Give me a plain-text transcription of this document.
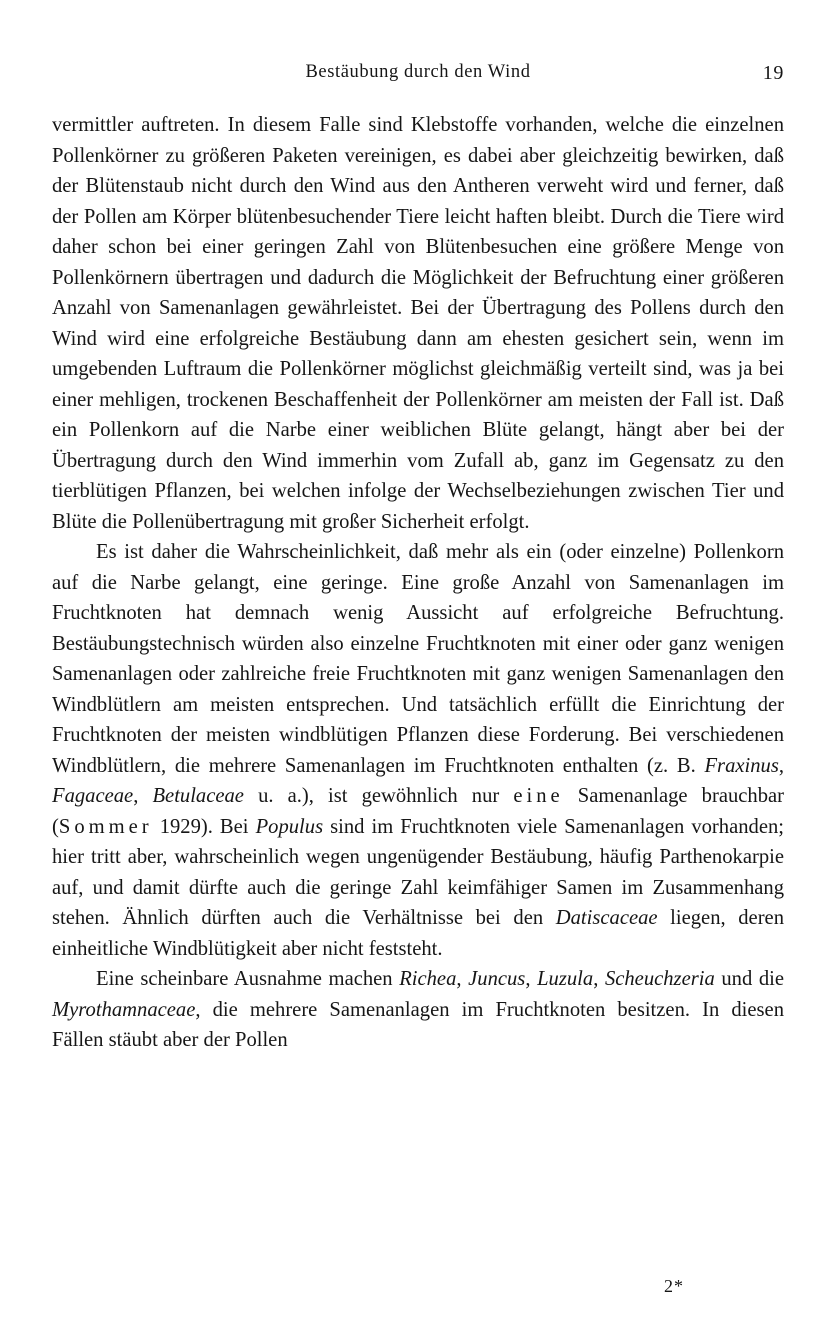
Bestäubung durch den Wind	19

vermittler auftreten. In diesem Falle sind Klebstoffe vorhanden, welche die einzelnen Pollenkörner zu größeren Paketen vereinigen, es dabei aber gleichzeitig bewirken, daß der Blütenstaub nicht durch den Wind aus den Antheren verweht wird und ferner, daß der Pollen am Körper blütenbesuchender Tiere leicht haften bleibt. Durch die Tiere wird daher schon bei einer geringen Zahl von Blütenbesuchen eine größere Menge von Pollenkörnern übertragen und dadurch die Möglichkeit der Befruchtung einer größeren Anzahl von Samenanlagen gewährleistet. Bei der Übertragung des Pollens durch den Wind wird eine erfolgreiche Bestäubung dann am ehesten gesichert sein, wenn im umgebenden Luftraum die Pollenkörner möglichst gleichmäßig verteilt sind, was ja bei einer mehligen, trockenen Beschaffenheit der Pollenkörner am meisten der Fall ist. Daß ein Pollenkorn auf die Narbe einer weiblichen Blüte gelangt, hängt aber bei der Übertragung durch den Wind immerhin vom Zufall ab, ganz im Gegensatz zu den tierblütigen Pflanzen, bei welchen infolge der Wechselbeziehungen zwischen Tier und Blüte die Pollenübertragung mit großer Sicherheit erfolgt.

Es ist daher die Wahrscheinlichkeit, daß mehr als ein (oder einzelne) Pollenkorn auf die Narbe gelangt, eine geringe. Eine große Anzahl von Samenanlagen im Fruchtknoten hat demnach wenig Aussicht auf erfolgreiche Befruchtung. Bestäubungstechnisch würden also einzelne Fruchtknoten mit einer oder ganz wenigen Samenanlagen oder zahlreiche freie Fruchtknoten mit ganz wenigen Samenanlagen den Windblütlern am meisten entsprechen. Und tatsächlich erfüllt die Einrichtung der Fruchtknoten der meisten windblütigen Pflanzen diese Forderung. Bei verschiedenen Windblütlern, die mehrere Samenanlagen im Fruchtknoten enthalten (z. B. Fraxinus, Fagaceae, Betulaceae u. a.), ist gewöhnlich nur eine Samenanlage brauchbar (Sommer 1929). Bei Populus sind im Fruchtknoten viele Samenanlagen vorhanden; hier tritt aber, wahrscheinlich wegen ungenügender Bestäubung, häufig Parthenokarpie auf, und damit dürfte auch die geringe Zahl keimfähiger Samen im Zusammenhang stehen. Ähnlich dürften auch die Verhältnisse bei den Datiscaceae liegen, deren einheitliche Windblütigkeit aber nicht feststeht.

Eine scheinbare Ausnahme machen Richea, Juncus, Luzula, Scheuchzeria und die Myrothamnaceae, die mehrere Samenanlagen im Fruchtknoten besitzen. In diesen Fällen stäubt aber der Pollen

2*
